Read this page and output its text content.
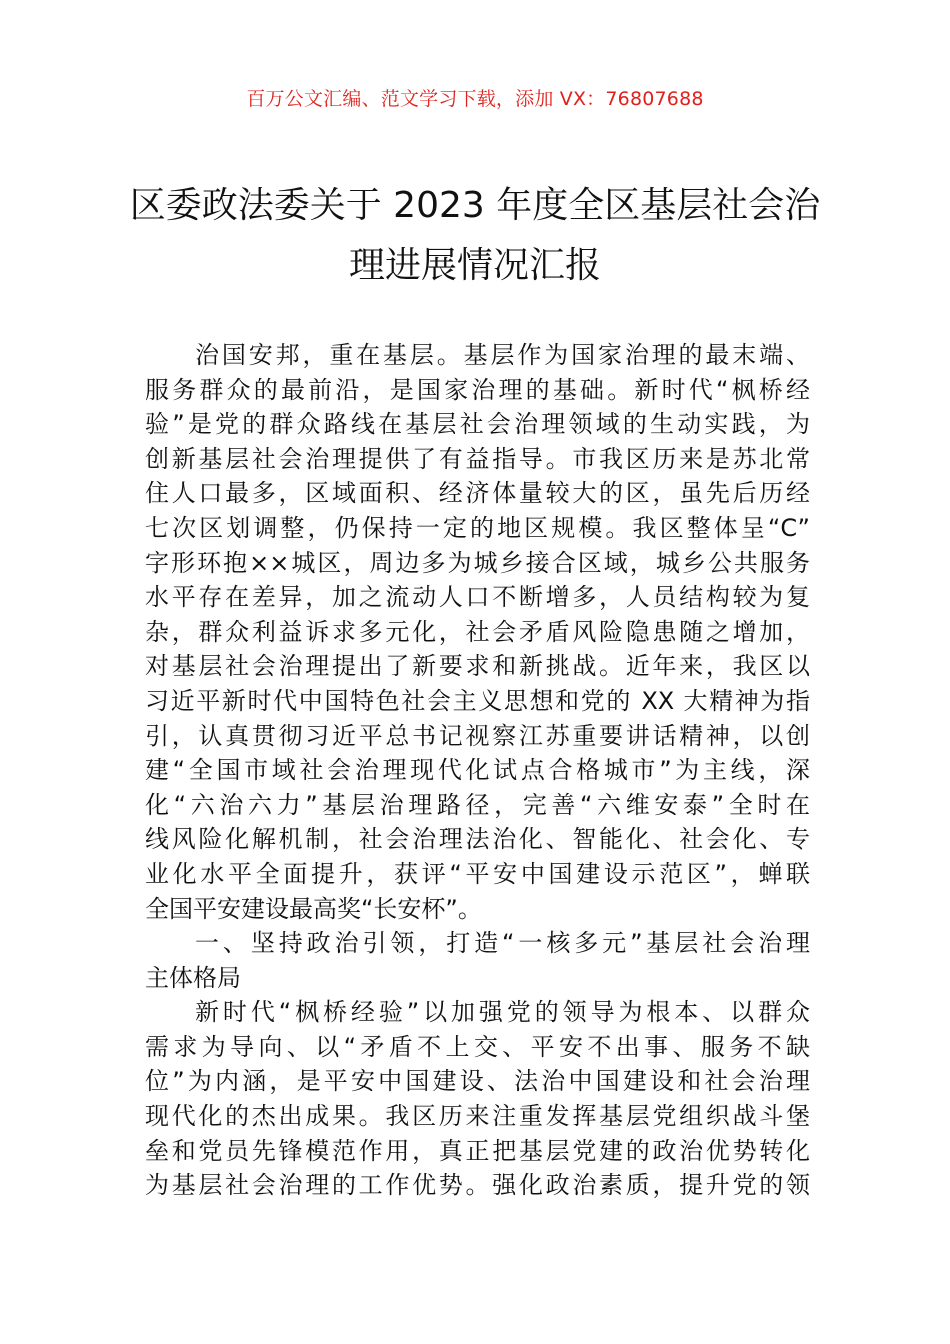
百万公文汇编、范文学习下载，添加 VX：76807688
区委政法委关于 2023 年度全区基层社会治
理进展情况汇报
治国安邦，重在基层。基层作为国家治理的最末端、
服务群众的最前沿，是国家治理的基础。新时代“枫桥经
验”是党的群众路线在基层社会治理领域的生动实践，为
创新基层社会治理提供了有益指导。市我区历来是苏北常
住人口最多，区域面积、经济体量较大的区，虽先后历经
七次区划调整，仍保持一定的地区规模。我区整体呈“C”
字形环抱××城区，周边多为城乡接合区域，城乡公共服务
水平存在差异，加之流动人口不断增多，人员结构较为复
杂，群众利益诉求多元化，社会矛盾风险隐患随之增加，
对基层社会治理提出了新要求和新挑战。近年来，我区以
习近平新时代中国特色社会主义思想和党的 XX 大精神为指
引，认真贯彻习近平总书记视察江苏重要讲话精神，以创
建“全国市域社会治理现代化试点合格城市”为主线，深
化“六治六力”基层治理路径，完善“六维安泰”全时在
线风险化解机制，社会治理法治化、智能化、社会化、专
业化水平全面提升，获评“平安中国建设示范区”，蝉联
全国平安建设最高奖“长安杯”。
一、坚持政治引领，打造“一核多元”基层社会治理
主体格局
新时代“枫桥经验”以加强党的领导为根本、以群众
需求为导向、以“矛盾不上交、平安不出事、服务不缺
位”为内涵，是平安中国建设、法治中国建设和社会治理
现代化的杰出成果。我区历来注重发挥基层党组织战斗堡
垒和党员先锋模范作用，真正把基层党建的政治优势转化
为基层社会治理的工作优势。强化政治素质，提升党的领
